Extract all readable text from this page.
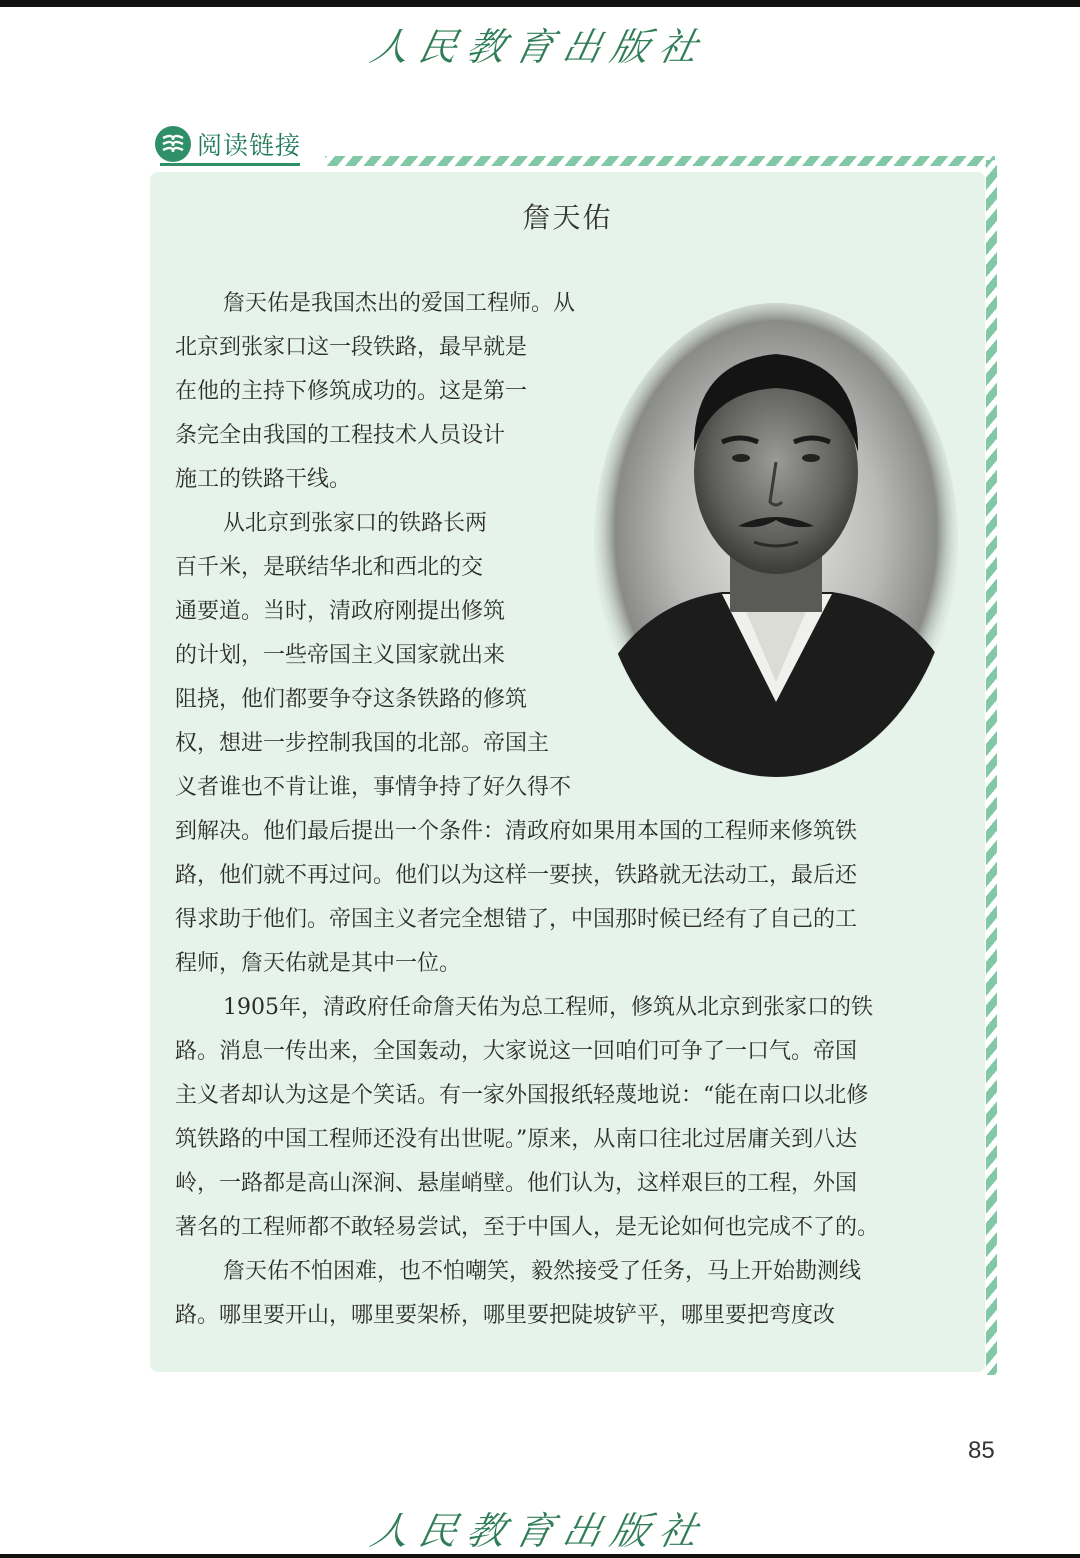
人民教育出版社
阅读链接
詹天佑
詹天佑是我国杰出的爱国工程师。从
北京到张家口这一段铁路，最早就是
在他的主持下修筑成功的。这是第一
条完全由我国的工程技术人员设计
施工的铁路干线。
从北京到张家口的铁路长两
百千米，是联结华北和西北的交
通要道。当时，清政府刚提出修筑
的计划，一些帝国主义国家就出来
阻挠，他们都要争夺这条铁路的修筑
权，想进一步控制我国的北部。帝国主
义者谁也不肯让谁，事情争持了好久得不
到解决。他们最后提出一个条件：清政府如果用本国的工程师来修筑铁
路，他们就不再过问。他们以为这样一要挟，铁路就无法动工，最后还
得求助于他们。帝国主义者完全想错了，中国那时候已经有了自己的工
程师，詹天佑就是其中一位。
1905年，清政府任命詹天佑为总工程师，修筑从北京到张家口的铁
路。消息一传出来，全国轰动，大家说这一回咱们可争了一口气。帝国
主义者却认为这是个笑话。有一家外国报纸轻蔑地说：“能在南口以北修
筑铁路的中国工程师还没有出世呢。”原来，从南口往北过居庸关到八达
岭，一路都是高山深涧、悬崖峭壁。他们认为，这样艰巨的工程，外国
著名的工程师都不敢轻易尝试，至于中国人，是无论如何也完成不了的。
詹天佑不怕困难，也不怕嘲笑，毅然接受了任务，马上开始勘测线
路。哪里要开山，哪里要架桥，哪里要把陡坡铲平，哪里要把弯度改
85
人民教育出版社
